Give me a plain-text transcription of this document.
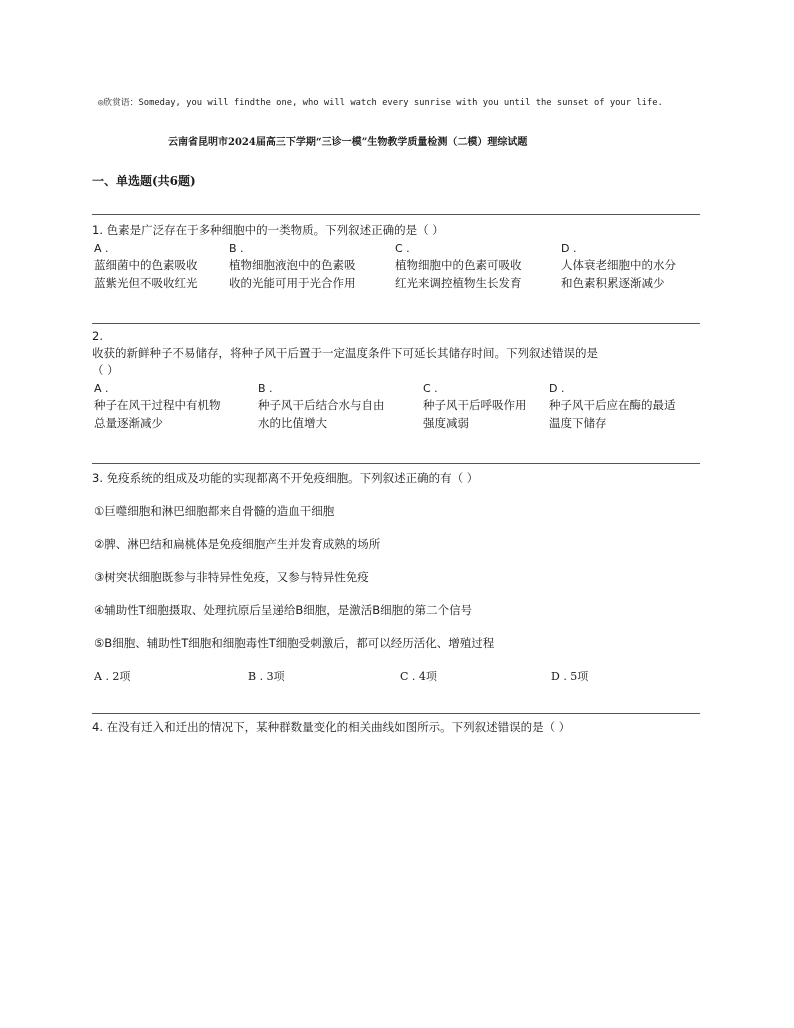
◎欣赏语：Someday, you will findthe one, who will watch every sunrise with you until the sunset of your life.
云南省昆明市2024届高三下学期“三诊一模”生物教学质量检测（二模）理综试题
一、单选题(共6题)
1. 色素是广泛存在于多种细胞中的一类物质。下列叙述正确的是（ ）
A .
蓝细菌中的色素吸收
蓝紫光但不吸收红光
B .
植物细胞液泡中的色素吸
收的光能可用于光合作用
C .
植物细胞中的色素可吸收
红光来调控植物生长发育
D .
人体衰老细胞中的水分
和色素积累逐渐减少
2.
收获的新鲜种子不易储存，将种子风干后置于一定温度条件下可延长其储存时间。下列叙述错误的是
（ ）
A .
种子在风干过程中有机物
总量逐渐减少
B .
种子风干后结合水与自由
水的比值增大
C .
种子风干后呼吸作用
强度减弱
D .
种子风干后应在酶的最适
温度下储存
3. 免疫系统的组成及功能的实现都离不开免疫细胞。下列叙述正确的有（ ）
①巨噬细胞和淋巴细胞都来自骨髓的造血干细胞
②脾、淋巴结和扁桃体是免疫细胞产生并发育成熟的场所
③树突状细胞既参与非特异性免疫，又参与特异性免疫
④辅助性T细胞摄取、处理抗原后呈递给B细胞，是激活B细胞的第二个信号
⑤B细胞、辅助性T细胞和细胞毒性T细胞受刺激后，都可以经历活化、增殖过程
A . 2项	B . 3项	C . 4项	D . 5项
4. 在没有迁入和迁出的情况下，某种群数量变化的相关曲线如图所示。下列叙述错误的是（ ）
